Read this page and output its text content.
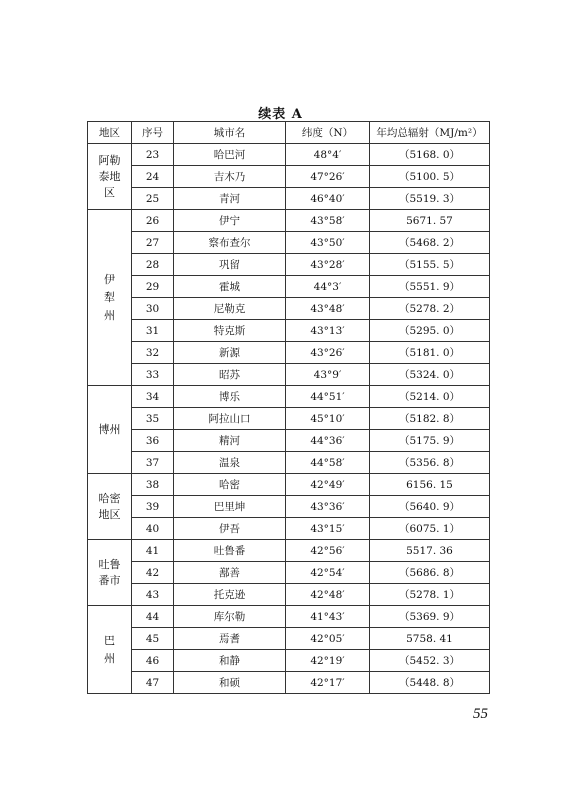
续表 A
地区	序号	城市名	纬度（N）	年均总辐射（MJ/m²）

阿勒
泰地
区	23	哈巴河	48°4′	（5168. 0）
	24	吉木乃	47°26′	（5100. 5）
	25	青河	46°40′	（5519. 3）

伊
犁
州	26	伊宁	43°58′	5671. 57
	27	察布查尔	43°50′	（5468. 2）
	28	巩留	43°28′	（5155. 5）
	29	霍城	44°3′	（5551. 9）
	30	尼勒克	43°48′	（5278. 2）
	31	特克斯	43°13′	（5295. 0）
	32	新源	43°26′	（5181. 0）
	33	昭苏	43°9′	（5324. 0）

博州	34	博乐	44°51′	（5214. 0）
	35	阿拉山口	45°10′	（5182. 8）
	36	精河	44°36′	（5175. 9）
	37	温泉	44°58′	（5356. 8）

哈密
地区	38	哈密	42°49′	6156. 15
	39	巴里坤	43°36′	（5640. 9）
	40	伊吾	43°15′	（6075. 1）

吐鲁
番市	41	吐鲁番	42°56′	5517. 36
	42	鄯善	42°54′	（5686. 8）
	43	托克逊	42°48′	（5278. 1）

巴
州	44	库尔勒	41°43′	（5369. 9）
	45	焉耆	42°05′	5758. 41
	46	和静	42°19′	（5452. 3）
	47	和硕	42°17′	（5448. 8）
55
